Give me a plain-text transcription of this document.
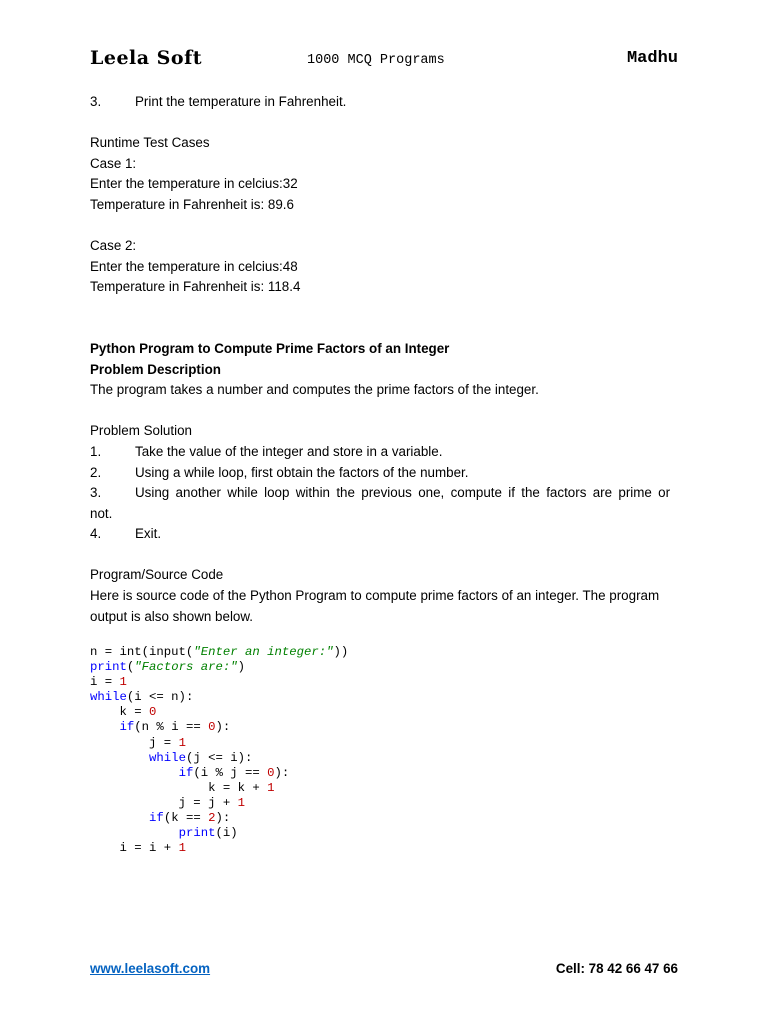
Leela Soft	1000 MCQ Programs	Madhu

3.	Print the temperature in Fahrenheit.

Runtime Test Cases

Case 1:

Enter the temperature in celcius:32

Temperature in Fahrenheit is: 89.6

Case 2:

Enter the temperature in celcius:48

Temperature in Fahrenheit is: 118.4

Python Program to Compute Prime Factors of an Integer

Problem Description

The program takes a number and computes the prime factors of the integer.

Problem Solution

1.	Take the value of the integer and store in a variable.

2.	Using a while loop, first obtain the factors of the number.

3.	Using another while loop within the previous one, compute if the factors are prime or

not.

4.	Exit.

Program/Source Code

Here is source code of the Python Program to compute prime factors of an integer. The program
output is also shown below.

n = int(input("Enter an integer:"))
print("Factors are:")
i = 1
while(i <= n):
k = 0
if(n % i == 0):
j = 1
while(j <= i):
if(i % j == 0):
k = k + 1
j = j + 1
if(k == 2):
print(i)
i = i + 1
www.leelasoft.com	Cell: 78 42 66 47 66
